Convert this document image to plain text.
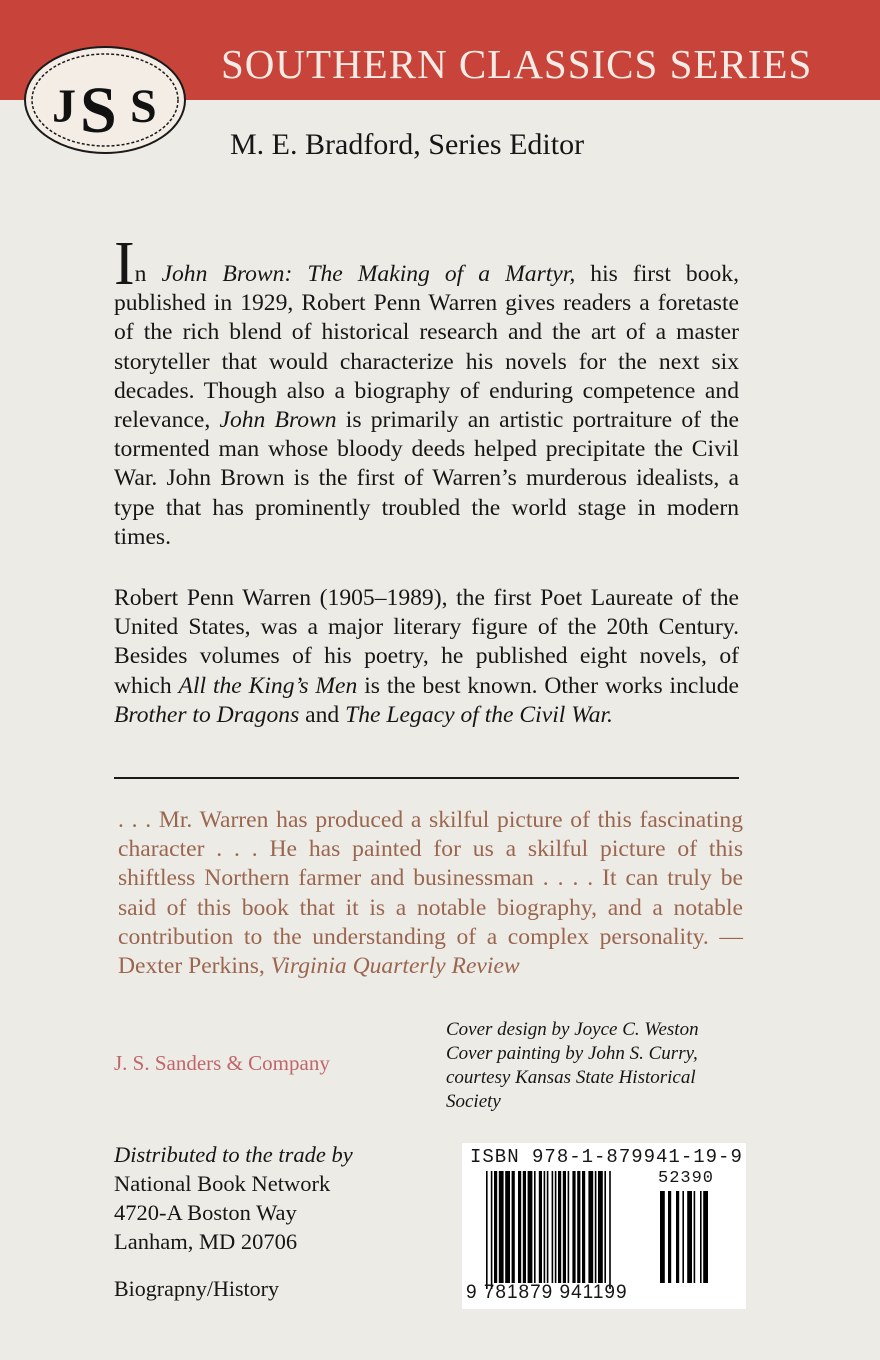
J S S
SOUTHERN CLASSICS SERIES
M. E. Bradford, Series Editor
In John Brown: The Making of a Martyr, his first book, published in 1929, Robert Penn Warren gives readers a foretaste of the rich blend of historical research and the art of a master storyteller that would characterize his novels for the next six decades. Though also a biography of enduring competence and relevance, John Brown is primarily an artistic portraiture of the tormented man whose bloody deeds helped precipitate the Civil War. John Brown is the first of Warren’s murderous idealists, a type that has prominently troubled the world stage in modern times.
Robert Penn Warren (1905–1989), the first Poet Laureate of the United States, was a major literary figure of the 20th Century. Besides volumes of his poetry, he published eight novels, of which All the King’s Men is the best known. Other works include Brother to Dragons and The Legacy of the Civil War.
. . . Mr. Warren has produced a skilful picture of this fascinating character . . . He has painted for us a skilful picture of this shiftless Northern farmer and businessman . . . . It can truly be said of this book that it is a notable biography, and a notable contribution to the understanding of a complex personality. — Dexter Perkins, Virginia Quarterly Review
J. S. Sanders & Company
Cover design by Joyce C. Weston
Cover painting by John S. Curry,
courtesy Kansas State Historical
Society
Distributed to the trade by
National Book Network
4720-A Boston Way
Lanham, MD 20706
Biograpny/History
ISBN 978-1-879941-19-9
52390
9 781879 941199
